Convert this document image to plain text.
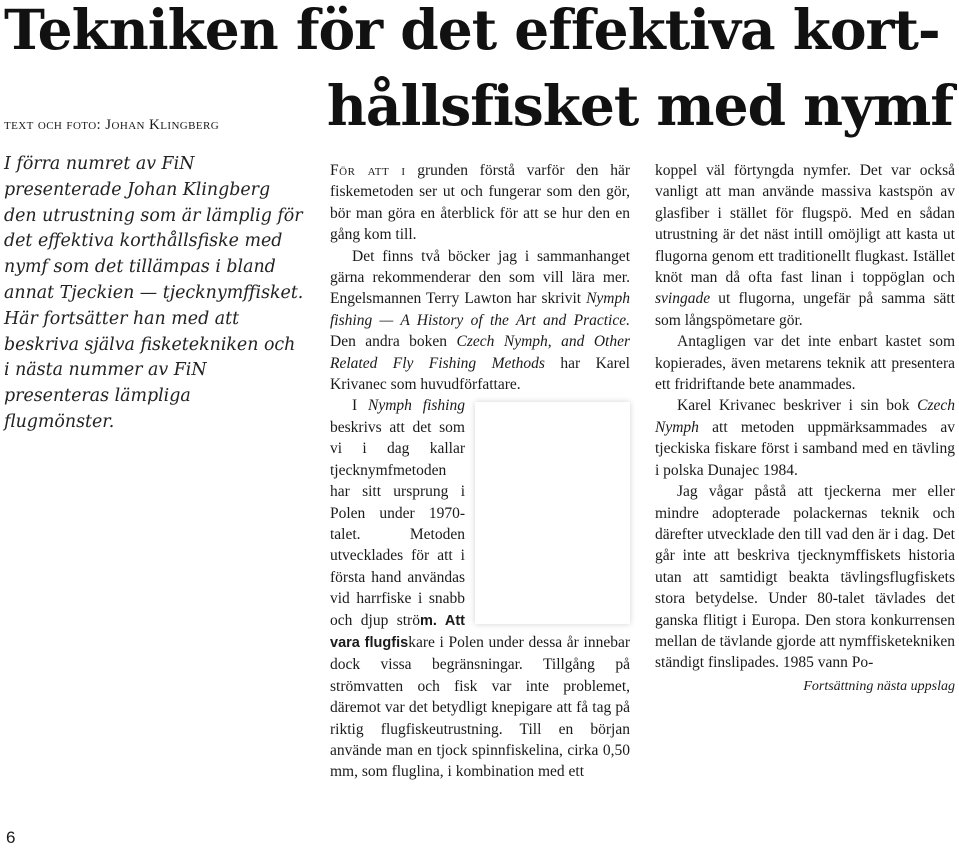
Tekniken för det effektiva kort-
hållsfisket med nymf

text och foto: Johan Klingberg

I förra numret av FiN presenterade Johan Klingberg den utrustning som är lämplig för det effektiva korthållsfiske med nymf som det tillämpas i bland annat Tjeckien — tjecknymffisket. Här fortsätter han med att beskriva själva fisketekniken och i nästa nummer av FiN presenteras lämpliga flugmönster.

För att i grunden förstå varför den här fiskemetoden ser ut och fungerar som den gör, bör man göra en återblick för att se hur den en gång kom till.

Det finns två böcker jag i sammanhanget gärna rekommenderar den som vill lära mer. Engelsmannen Terry Lawton har skrivit Nymph fishing — A History of the Art and Practice. Den andra boken Czech Nymph, and Other Related Fly Fishing Methods har Karel Krivanec som huvudförfattare.

I Nymph fishing beskrivs att det som vi i dag kallar tjecknymfmetoden har sitt ursprung i Polen under 1970-talet. Metoden utvecklades för att i första hand användas vid harrfiske i snabb och djup ström. Att vara flugfiskare i Polen under dessa år innebar dock vissa begränsningar. Tillgång på strömvatten och fisk var inte problemet, däremot var det betydligt knepigare att få tag på riktig flugfiskeutrustning. Till en början använde man en tjock spinnfiskelina, cirka 0,50 mm, som fluglina, i kombination med ett

koppel väl förtyngda nymfer. Det var också vanligt att man använde massiva kastspön av glasfiber i stället för flugspö. Med en sådan utrustning är det näst intill omöjligt att kasta ut flugorna genom ett traditionellt flugkast. Istället knöt man då ofta fast linan i toppöglan och svingade ut flugorna, ungefär på samma sätt som långspömetare gör.

Antagligen var det inte enbart kastet som kopierades, även metarens teknik att presentera ett fridriftande bete anammades.

Karel Krivanec beskriver i sin bok Czech Nymph att metoden uppmärksammades av tjeckiska fiskare först i samband med en tävling i polska Dunajec 1984.

Jag vågar påstå att tjeckerna mer eller mindre adopterade polackernas teknik och därefter utvecklade den till vad den är i dag. Det går inte att beskriva tjecknymffiskets historia utan att samtidigt beakta tävlingsflugfiskets stora betydelse. Under 80-talet tävlades det ganska flitigt i Europa. Den stora konkurrensen mellan de tävlande gjorde att nymffisketekniken ständigt finslipades. 1985 vann Po-

Fortsättning nästa uppslag

6
